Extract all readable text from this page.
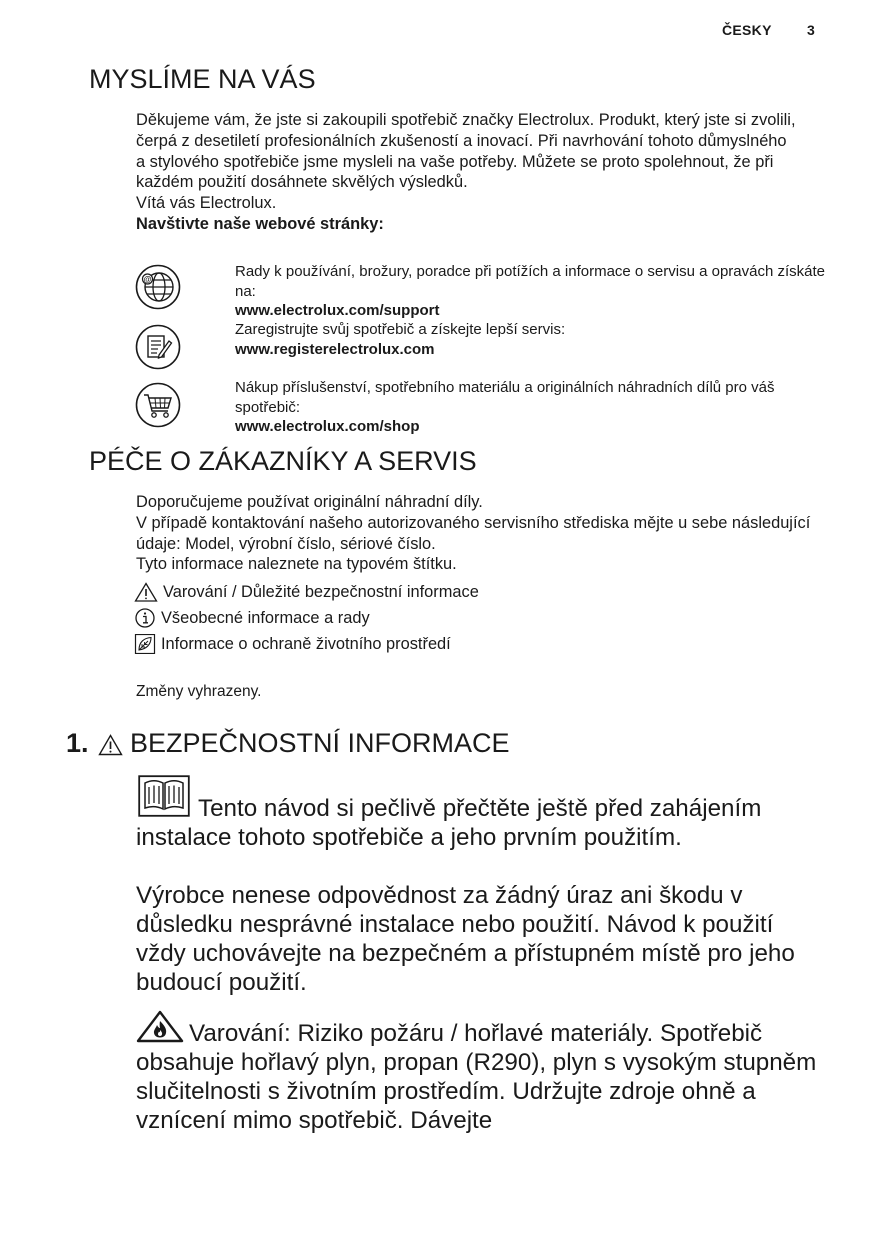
ČESKY	3
MYSLÍME NA VÁS

Děkujeme vám, že jste si zakoupili spotřebič značky Electrolux. Produkt, který jste si zvolili, čerpá z desetiletí profesionálních zkušeností a inovací. Při navrhování tohoto důmyslného a stylového spotřebiče jsme mysleli na vaše potřeby. Můžete se proto spolehnout, že při každém použití dosáhnete skvělých výsledků.

Vítá vás Electrolux.

Navštivte naše webové stránky:

@	Rady k používání, brožury, poradce při potížích a informace o servisu a opravách získáte na:
www.electrolux.com/support
Zaregistrujte svůj spotřebič a získejte lepší servis:
www.registerelectrolux.com
Nákup příslušenství, spotřebního materiálu a originálních náhradních dílů pro váš spotřebič:
www.electrolux.com/shop
PÉČE O ZÁKAZNÍKY A SERVIS

Doporučujeme používat originální náhradní díly.

V případě kontaktování našeho autorizovaného servisního střediska mějte u sebe následující údaje: Model, výrobní číslo, sériové číslo.

Tyto informace naleznete na typovém štítku.

Varování / Důležité bezpečnostní informace
Všeobecné informace a rady
Informace o ochraně životního prostředí
Změny vyhrazeny.
1. BEZPEČNOSTNÍ INFORMACE
Tento návod si pečlivě přečtěte ještě před zahájením instalace tohoto spotřebiče a jeho prvním použitím.
Výrobce nenese odpovědnost za žádný úraz ani škodu v důsledku nesprávné instalace nebo použití. Návod k použití vždy uchovávejte na bezpečném a přístupném místě pro jeho budoucí použití.
Varování: Riziko požáru / hořlavé materiály. Spotřebič obsahuje hořlavý plyn, propan (R290), plyn s vysokým stupněm slučitelnosti s životním prostředím. Udržujte zdroje ohně a vznícení mimo spotřebič. Dávejte
